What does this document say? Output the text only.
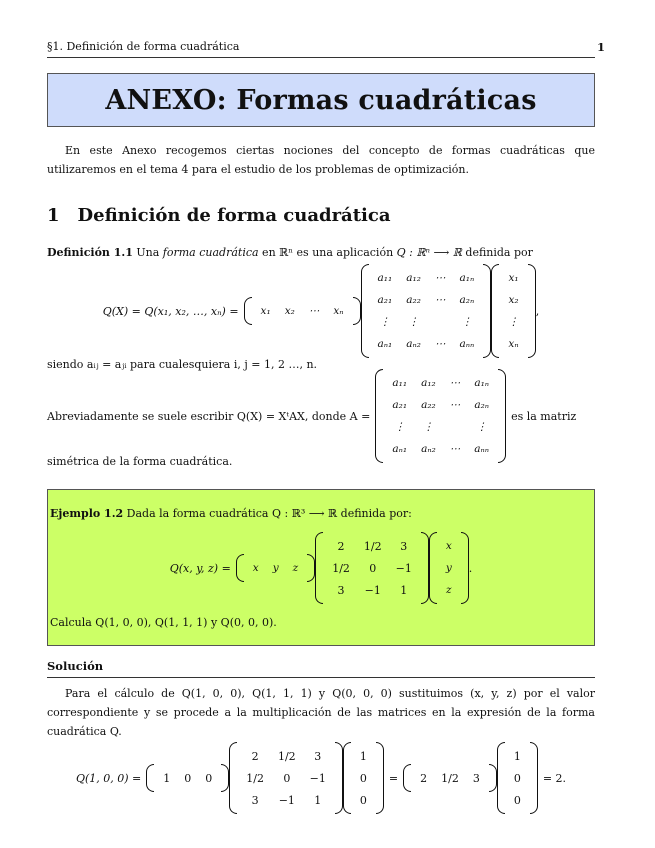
§1. Definición de forma cuadrática	1
ANEXO: Formas cuadráticas
En este Anexo recogemos ciertas nociones del concepto de formas cuadráticas que utilizaremos en el tema 4 para el estudio de los problemas de optimización.
1 Definición de forma cuadrática
Definición 1.1 Una forma cuadrática en ℝⁿ es una aplicación Q : ℝⁿ ⟶ ℝ definida por
Q(X) = Q(x₁, x₂, …, xₙ) = x₁	x₂	⋯	xₙ
a₁₁	a₁₂	⋯	a₁ₙ
a₂₁	a₂₂	⋯	a₂ₙ
⋮	⋮		⋮
aₙ₁	aₙ₂	⋯	aₙₙ
x₁
x₂
⋮
xₙ
,
siendo aᵢⱼ = aⱼᵢ para cualesquiera i, j = 1, 2 …, n.
Abreviadamente se suele escribir Q(X) = XᵗAX, donde A =
a₁₁	a₁₂	⋯	a₁ₙ
a₂₁	a₂₂	⋯	a₂ₙ
⋮	⋮		⋮
aₙ₁	aₙ₂	⋯	aₙₙ
es la matriz
simétrica de la forma cuadrática.
Ejemplo 1.2 Dada la forma cuadrática Q : ℝ³ ⟶ ℝ definida por:
Q(x, y, z) = x	y	z
2	1/2	3
1/2	0	−1
3	−1	1
x
y
z
.
Calcula Q(1, 0, 0), Q(1, 1, 1) y Q(0, 0, 0).
Solución
Para el cálculo de Q(1, 0, 0), Q(1, 1, 1) y Q(0, 0, 0) sustituimos (x, y, z) por el valor correspondiente y se procede a la multiplicación de las matrices en la expresión de la forma cuadrática Q.
Q(1, 0, 0) = 1	0	0
2	1/2	3
1/2	0	−1
3	−1	1
1
0
0
= 2	1/2	3
1
0
0
= 2.
